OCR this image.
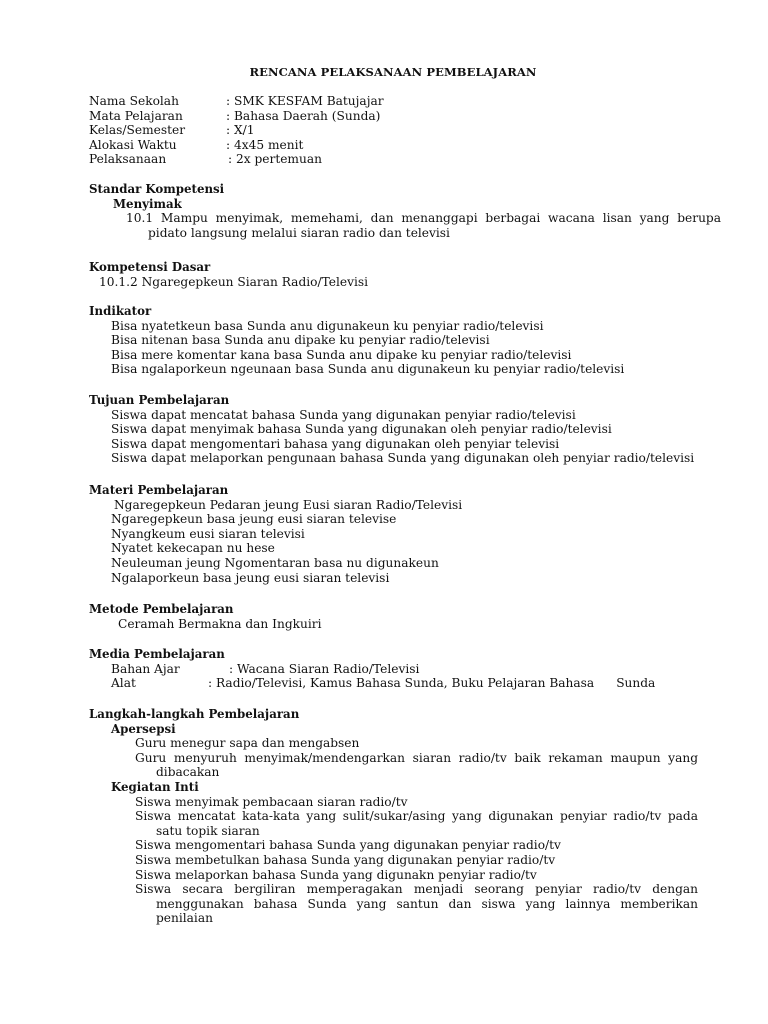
RENCANA PELAKSANAAN PEMBELAJARAN
Nama Sekolah	: SMK KESFAM Batujajar
Mata Pelajaran	: Bahasa Daerah (Sunda)
Kelas/Semester	: X/1
Alokasi Waktu	: 4x45 menit
Pelaksanaan	: 2x pertemuan
Standar Kompetensi
Menyimak
10.1 Mampu menyimak, memehami, dan menanggapi berbagai wacana lisan yang berupa pidato langsung melalui siaran radio dan televisi
Kompetensi Dasar
10.1.2 Ngaregepkeun Siaran Radio/Televisi
Indikator
Bisa nyatetkeun basa Sunda anu digunakeun ku penyiar radio/televisi
Bisa nitenan basa Sunda anu dipake ku penyiar radio/televisi
Bisa mere komentar kana basa Sunda anu dipake ku penyiar radio/televisi
Bisa ngalaporkeun ngeunaan basa Sunda anu digunakeun ku penyiar radio/televisi
Tujuan Pembelajaran
Siswa dapat mencatat bahasa Sunda yang digunakan penyiar radio/televisi
Siswa dapat menyimak bahasa Sunda yang digunakan oleh penyiar radio/televisi
Siswa dapat mengomentari bahasa yang digunakan oleh penyiar televisi
Siswa dapat melaporkan pengunaan bahasa Sunda yang digunakan oleh penyiar radio/televisi
Materi Pembelajaran
Ngaregepkeun Pedaran jeung Eusi siaran Radio/Televisi
Ngaregepkeun basa jeung eusi siaran televise
Nyangkeum eusi siaran televisi
Nyatet kekecapan nu hese
Neuleuman jeung Ngomentaran basa nu digunakeun
Ngalaporkeun basa jeung eusi siaran televisi
Metode Pembelajaran
Ceramah Bermakna dan Ingkuiri
Media Pembelajaran
Bahan Ajar	: Wacana Siaran Radio/Televisi
Alat	: Radio/Televisi, Kamus Bahasa Sunda, Buku Pelajaran Bahasa Sunda
Langkah-langkah Pembelajaran
Apersepsi
Guru menegur sapa dan mengabsen
Guru menyuruh menyimak/mendengarkan siaran radio/tv baik rekaman maupun yang dibacakan
Kegiatan Inti
Siswa menyimak pembacaan siaran radio/tv
Siswa mencatat kata-kata yang sulit/sukar/asing yang digunakan penyiar radio/tv pada satu topik siaran
Siswa mengomentari bahasa Sunda yang digunakan penyiar radio/tv
Siswa membetulkan bahasa Sunda yang digunakan penyiar radio/tv
Siswa melaporkan bahasa Sunda yang digunakn penyiar radio/tv
Siswa secara bergiliran memperagakan menjadi seorang penyiar radio/tv dengan menggunakan bahasa Sunda yang santun dan siswa yang lainnya memberikan penilaian
